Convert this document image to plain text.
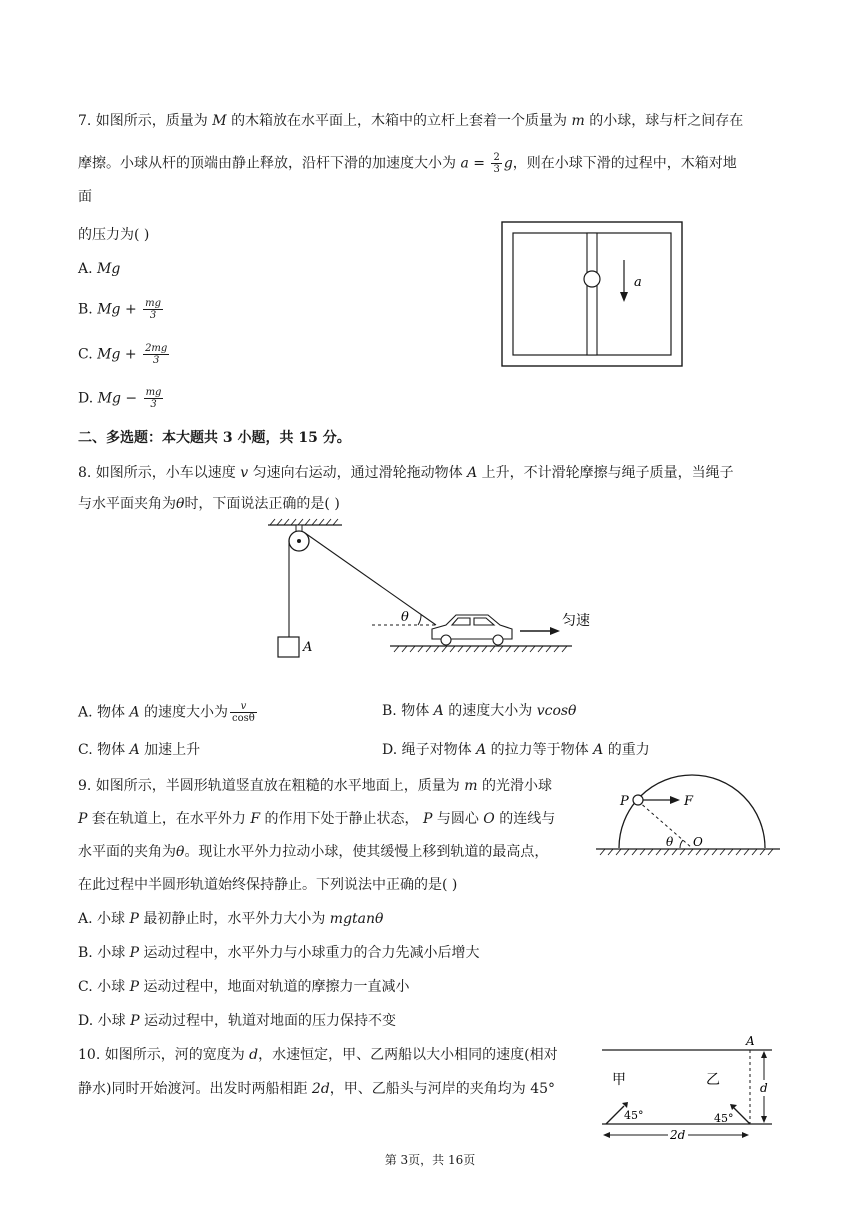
7. 如图所示，质量为 M 的木箱放在水平面上，木箱中的立杆上套着一个质量为 m 的小球，球与杆之间存在
摩擦。小球从杆的顶端由静止释放，沿杆下滑的加速度大小为 $a = \frac{2}{3}$ g，则在小球下滑的过程中，木箱对地
面
的压力为( )
A. Mg
B. $Mg + \frac{mg}{3}$
C. $Mg + \frac{2mg}{3}$
D. $Mg - \frac{mg}{3}$
a
二、多选题：本大题共 3 小题，共 15 分。
8. 如图所示，小车以速度 v 匀速向右运动，通过滑轮拖动物体 A 上升，不计滑轮摩擦与绳子质量，当绳子
与水平面夹角为θ时，下面说法正确的是( )
A
θ	匀速
A. 物体 A 的速度大小为 $\frac{v}{\cos\theta}$	B. 物体 A 的速度大小为 vcosθ
C. 物体 A 加速上升	D. 绳子对物体 A 的拉力等于物体 A 的重力
9. 如图所示，半圆形轨道竖直放在粗糙的水平地面上，质量为 m 的光滑小球
P 套在轨道上，在水平外力 F 的作用下处于静止状态， P 与圆心 O 的连线与
水平面的夹角为θ。现让水平外力拉动小球，使其缓慢上移到轨道的最高点，
在此过程中半圆形轨道始终保持静止。下列说法中正确的是( )
P	F
θ O
A. 小球 P 最初静止时，水平外力大小为 mgtanθ
B. 小球 P 运动过程中，水平外力与小球重力的合力先减小后增大
C. 小球 P 运动过程中，地面对轨道的摩擦力一直减小
D. 小球 P 运动过程中，轨道对地面的压力保持不变
10. 如图所示，河的宽度为 d，水速恒定，甲、乙两船以大小相同的速度(相对
静水)同时开始渡河。出发时两船相距 2d，甲、乙船头与河岸的夹角均为 45°
A
甲	乙	d
45°	45°
2d
第 3页，共 16页
